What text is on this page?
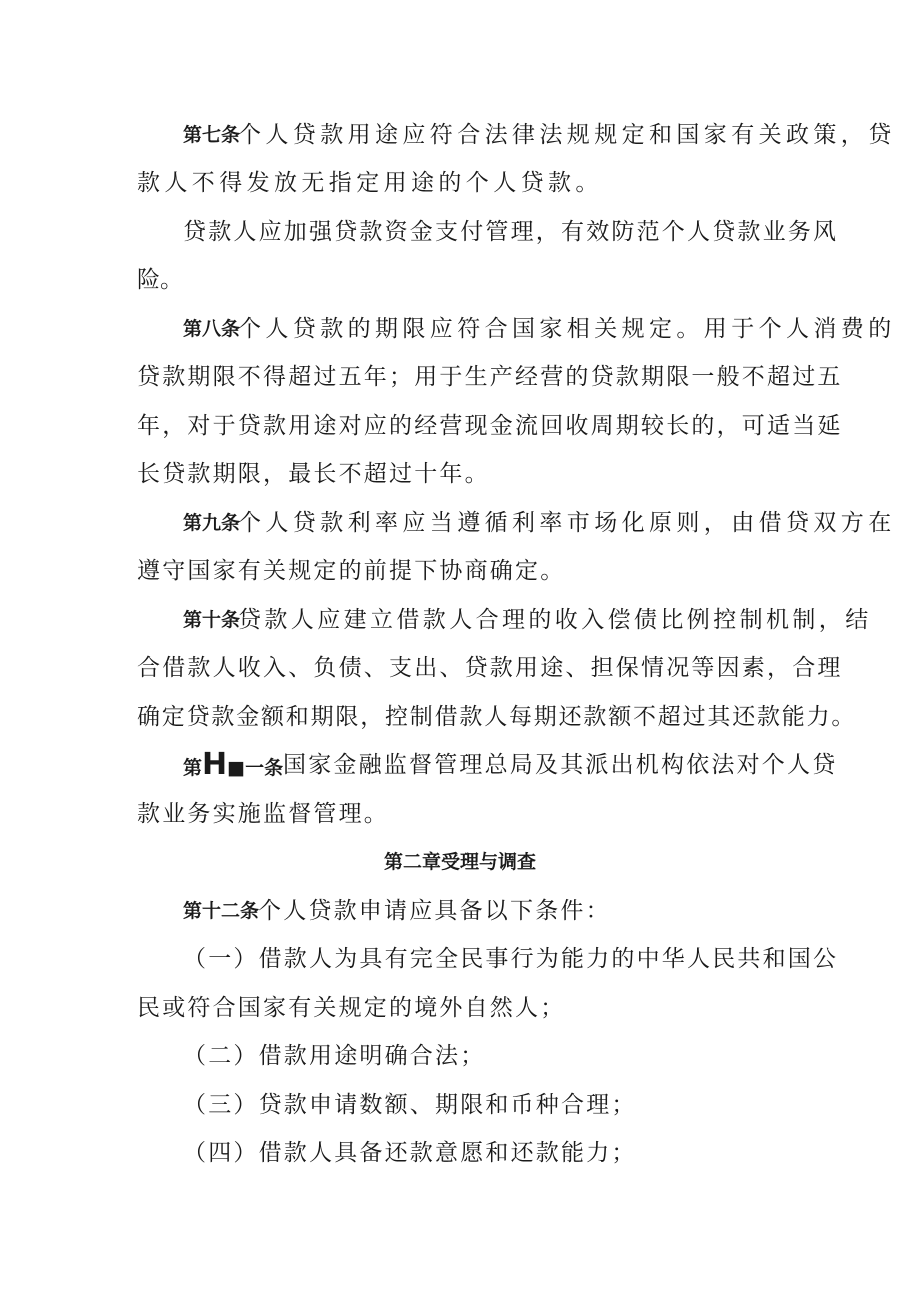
第七条
个人贷款用途应符合法律法规规定和国家有关政策，贷
款人不得发放无指定用途的个人贷款。
贷款人应加强贷款资金支付管理，有效防范个人贷款业务风
险。
第八条
个人贷款的期限应符合国家相关规定。用于个人消费的
贷款期限不得超过五年；用于生产经营的贷款期限一般不超过五
年，对于贷款用途对应的经营现金流回收周期较长的，可适当延
长贷款期限，最长不超过十年。
第九条
个人贷款利率应当遵循利率市场化原则，由借贷双方在
遵守国家有关规定的前提下协商确定。
第十条
贷款人应建立借款人合理的收入偿债比例控制机制，结
合借款人收入、负债、支出、贷款用途、担保情况等因素，合理
确定贷款金额和期限，控制借款人每期还款额不超过其还款能力。
第H■一条 国家金融监督管理总局及其派出机构依法对个人贷
款业务实施监督管理。
第二章受理与调查
第十二条
个人贷款申请应具备以下条件：
（一）借款人为具有完全民事行为能力的中华人民共和国公
民或符合国家有关规定的境外自然人；
（二）借款用途明确合法；
（三）贷款申请数额、期限和币种合理；
（四）借款人具备还款意愿和还款能力；
